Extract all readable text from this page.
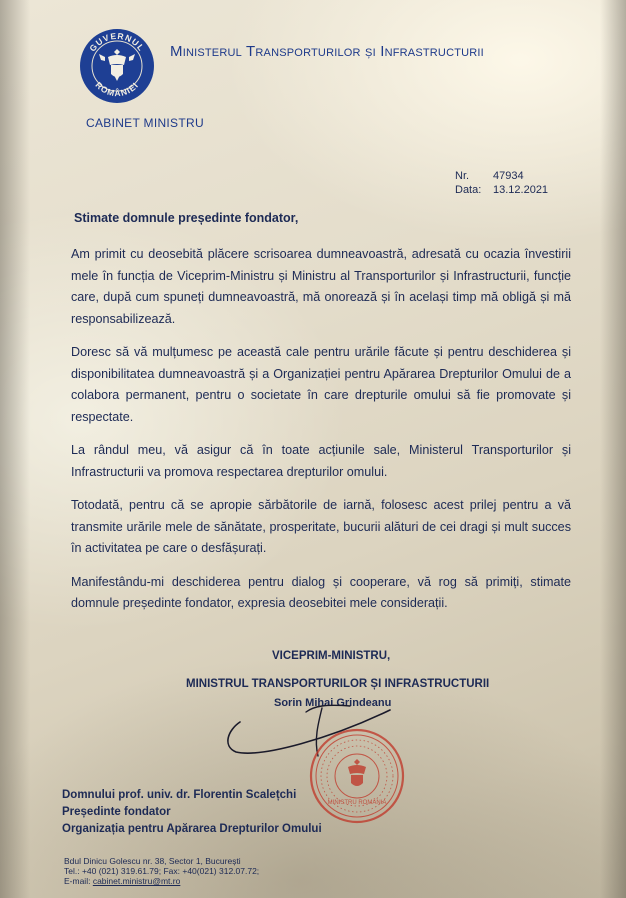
GUVERNUL
ROMÂNIEI
Ministerul Transporturilor și Infrastructurii
CABINET MINISTRU
Nr. 47934
Data: 13.12.2021
Stimate domnule președinte fondator,

Am primit cu deosebită plăcere scrisoarea dumneavoastră, adresată cu ocazia învestirii mele în funcția de Viceprim-Ministru și Ministru al Transporturilor și Infrastructurii, funcție care, după cum spuneți dumneavoastră, mă onorează și în același timp mă obligă și mă responsabilizează.

Doresc să vă mulțumesc pe această cale pentru urările făcute și pentru deschiderea și disponibilitatea dumneavoastră și a Organizației pentru Apărarea Drepturilor Omului de a colabora permanent, pentru o societate în care drepturile omului să fie promovate și respectate.

La rândul meu, vă asigur că în toate acțiunile sale, Ministerul Transporturilor și Infrastructurii va promova respectarea drepturilor omului.

Totodată, pentru că se apropie sărbătorile de iarnă, folosesc acest prilej pentru a vă transmite urările mele de sănătate, prosperitate, bucurii alături de cei dragi și mult succes în activitatea pe care o desfășurați.

Manifestându-mi deschiderea pentru dialog și cooperare, vă rog să primiți, stimate domnule președinte fondator, expresia deosebitei mele considerații.

VICEPRIM-MINISTRU,
MINISTRUL TRANSPORTURILOR ȘI INFRASTRUCTURII
Sorin Mihai Grindeanu
MINISTRU ROMÂNIA
Domnului prof. univ. dr. Florentin Scalețchi
Președinte fondator
Organizația pentru Apărarea Drepturilor Omului
Bdul Dinicu Golescu nr. 38, Sector 1, București
Tel.: +40 (021) 319.61.79; Fax: +40(021) 312.07.72;
E-mail: cabinet.ministru@mt.ro
